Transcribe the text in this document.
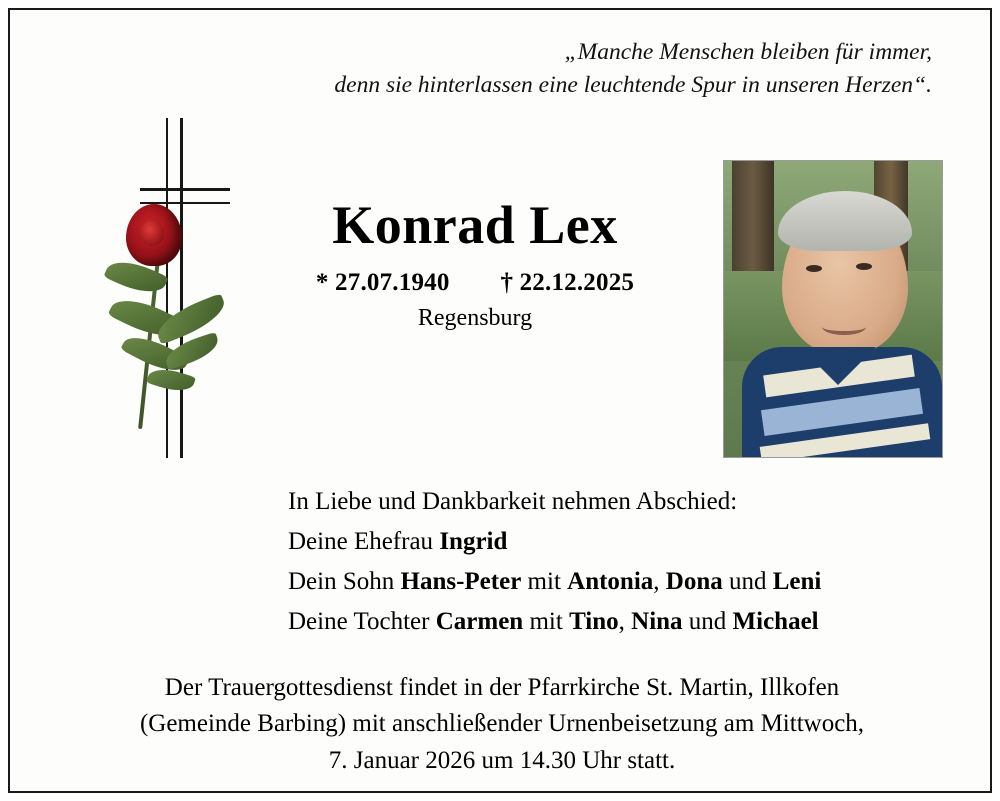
„Manche Menschen bleiben für immer,
denn sie hinterlassen eine leuchtende Spur in unseren Herzen“.
Konrad Lex
* 27.07.1940 † 22.12.2025
Regensburg
In Liebe und Dankbarkeit nehmen Abschied:
Deine Ehefrau Ingrid
Dein Sohn Hans-Peter mit Antonia, Dona und Leni
Deine Tochter Carmen mit Tino, Nina und Michael
Der Trauergottesdienst findet in der Pfarrkirche St. Martin, Illkofen
(Gemeinde Barbing) mit anschließender Urnenbeisetzung am Mittwoch,
7. Januar 2026 um 14.30 Uhr statt.
